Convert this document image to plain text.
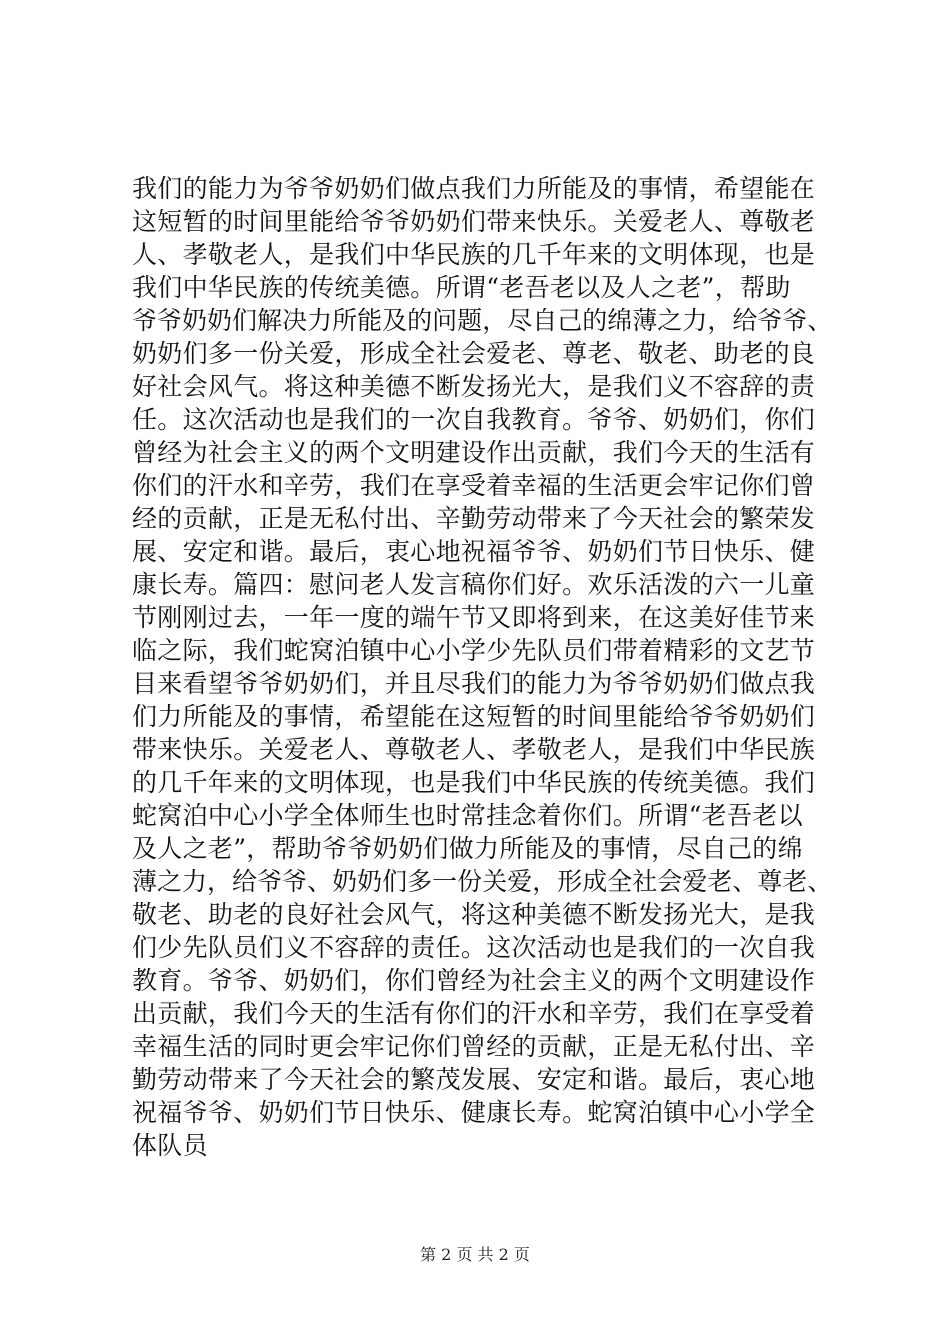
我们的能力为爷爷奶奶们做点我们力所能及的事情，希望能在
这短暂的时间里能给爷爷奶奶们带来快乐。关爱老人、尊敬老
人、孝敬老人，是我们中华民族的几千年来的文明体现，也是
我们中华民族的传统美德。所谓“老吾老以及人之老”，帮助
爷爷奶奶们解决力所能及的问题，尽自己的绵薄之力，给爷爷、
奶奶们多一份关爱，形成全社会爱老、尊老、敬老、助老的良
好社会风气。将这种美德不断发扬光大，是我们义不容辞的责
任。这次活动也是我们的一次自我教育。爷爷、奶奶们，你们
曾经为社会主义的两个文明建设作出贡献，我们今天的生活有
你们的汗水和辛劳，我们在享受着幸福的生活更会牢记你们曾
经的贡献，正是无私付出、辛勤劳动带来了今天社会的繁荣发
展、安定和谐。最后，衷心地祝福爷爷、奶奶们节日快乐、健
康长寿。篇四：慰问老人发言稿你们好。欢乐活泼的六一儿童
节刚刚过去，一年一度的端午节又即将到来，在这美好佳节来
临之际，我们蛇窝泊镇中心小学少先队员们带着精彩的文艺节
目来看望爷爷奶奶们，并且尽我们的能力为爷爷奶奶们做点我
们力所能及的事情，希望能在这短暂的时间里能给爷爷奶奶们
带来快乐。关爱老人、尊敬老人、孝敬老人，是我们中华民族
的几千年来的文明体现，也是我们中华民族的传统美德。我们
蛇窝泊中心小学全体师生也时常挂念着你们。所谓“老吾老以
及人之老”，帮助爷爷奶奶们做力所能及的事情，尽自己的绵
薄之力，给爷爷、奶奶们多一份关爱，形成全社会爱老、尊老、
敬老、助老的良好社会风气，将这种美德不断发扬光大，是我
们少先队员们义不容辞的责任。这次活动也是我们的一次自我
教育。爷爷、奶奶们，你们曾经为社会主义的两个文明建设作
出贡献，我们今天的生活有你们的汗水和辛劳，我们在享受着
幸福生活的同时更会牢记你们曾经的贡献，正是无私付出、辛
勤劳动带来了今天社会的繁茂发展、安定和谐。最后，衷心地
祝福爷爷、奶奶们节日快乐、健康长寿。蛇窝泊镇中心小学全
体队员
第 2 页 共 2 页
